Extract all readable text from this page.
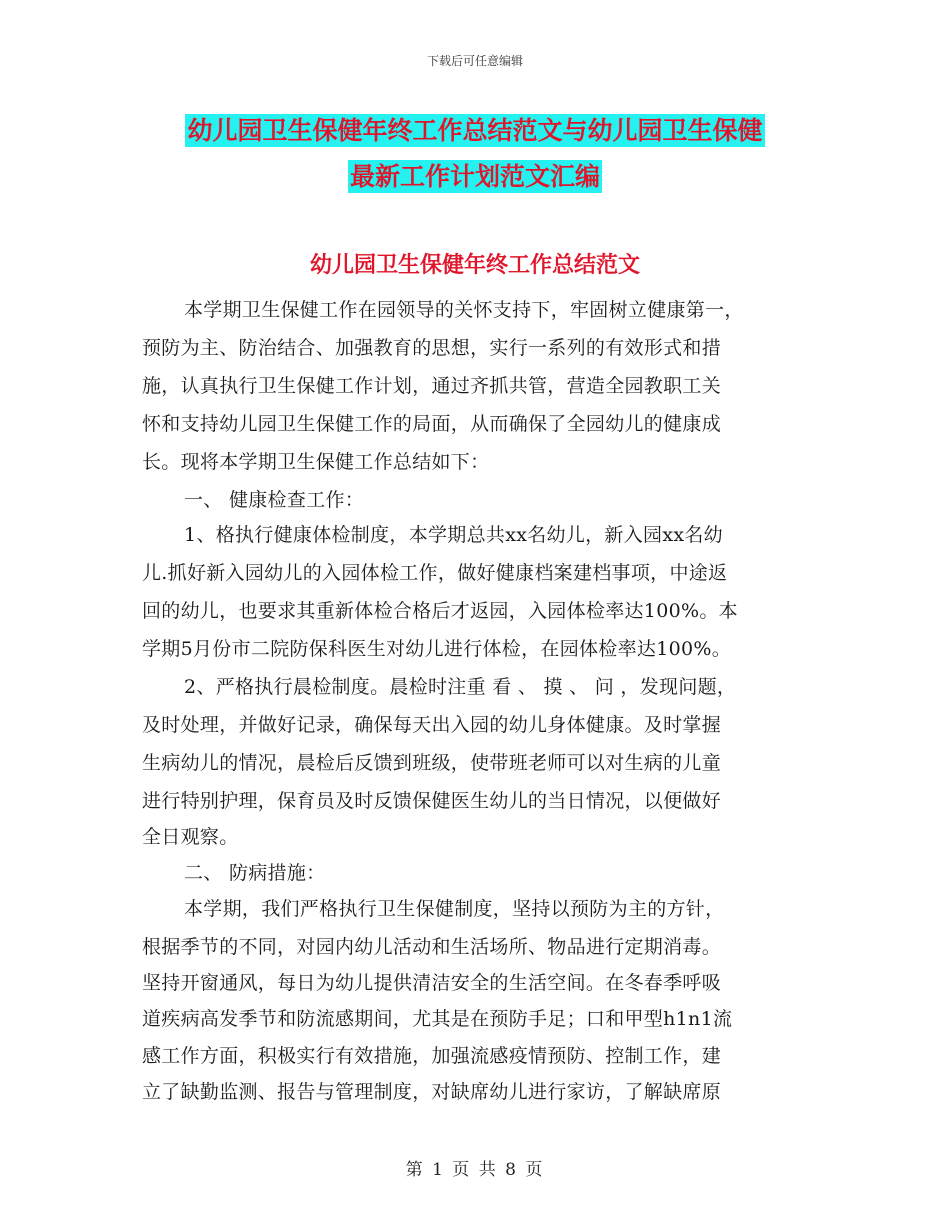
下载后可任意编辑
幼儿园卫生保健年终工作总结范文与幼儿园卫生保健
最新工作计划范文汇编
幼儿园卫生保健年终工作总结范文
本学期卫生保健工作在园领导的关怀支持下，牢固树立健康第一，
预防为主、防治结合、加强教育的思想，实行一系列的有效形式和措
施，认真执行卫生保健工作计划，通过齐抓共管，营造全园教职工关
怀和支持幼儿园卫生保健工作的局面，从而确保了全园幼儿的健康成
长。现将本学期卫生保健工作总结如下：
一、 健康检查工作：
1、格执行健康体检制度，本学期总共xx名幼儿，新入园xx名幼
儿.抓好新入园幼儿的入园体检工作，做好健康档案建档事项，中途返
回的幼儿，也要求其重新体检合格后才返园，入园体检率达100%。本
学期5月份市二院防保科医生对幼儿进行体检，在园体检率达100%。
2、严格执行晨检制度。晨检时注重 看 、 摸 、 问 ，发现问题，
及时处理，并做好记录，确保每天出入园的幼儿身体健康。及时掌握
生病幼儿的情况，晨检后反馈到班级，使带班老师可以对生病的儿童
进行特别护理，保育员及时反馈保健医生幼儿的当日情况，以便做好
全日观察。
二、 防病措施：
本学期，我们严格执行卫生保健制度，坚持以预防为主的方针，
根据季节的不同，对园内幼儿活动和生活场所、物品进行定期消毒。
坚持开窗通风，每日为幼儿提供清洁安全的生活空间。在冬春季呼吸
道疾病高发季节和防流感期间，尤其是在预防手足；口和甲型h1n1流
感工作方面，积极实行有效措施，加强流感疫情预防、控制工作，建
立了缺勤监测、报告与管理制度，对缺席幼儿进行家访，了解缺席原
第 1 页 共 8 页
